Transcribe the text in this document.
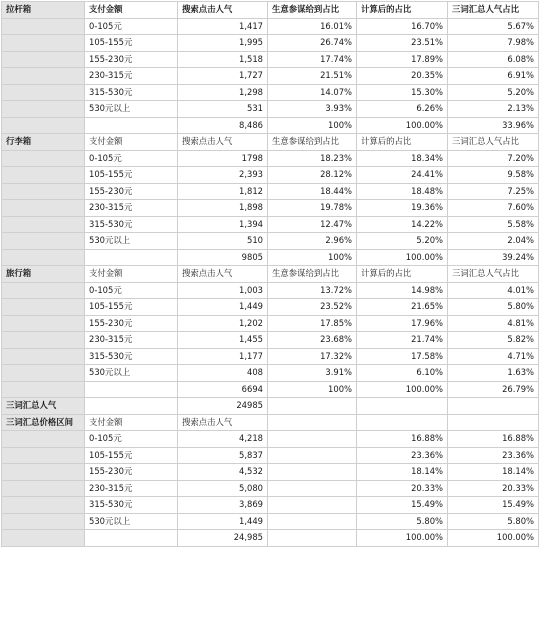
拉杆箱	支付金额	搜索点击人气	生意参谋给到占比	计算后的占比	三词汇总人气占比
	0-105元	1,417	16.01%	16.70%	5.67%
	105-155元	1,995	26.74%	23.51%	7.98%
	155-230元	1,518	17.74%	17.89%	6.08%
	230-315元	1,727	21.51%	20.35%	6.91%
	315-530元	1,298	14.07%	15.30%	5.20%
	530元以上	531	3.93%	6.26%	2.13%
		8,486	100%	100.00%	33.96%
行李箱	支付金额	搜索点击人气	生意参谋给到占比	计算后的占比	三词汇总人气占比
	0-105元	1798	18.23%	18.34%	7.20%
	105-155元	2,393	28.12%	24.41%	9.58%
	155-230元	1,812	18.44%	18.48%	7.25%
	230-315元	1,898	19.78%	19.36%	7.60%
	315-530元	1,394	12.47%	14.22%	5.58%
	530元以上	510	2.96%	5.20%	2.04%
		9805	100%	100.00%	39.24%
旅行箱	支付金额	搜索点击人气	生意参谋给到占比	计算后的占比	三词汇总人气占比
	0-105元	1,003	13.72%	14.98%	4.01%
	105-155元	1,449	23.52%	21.65%	5.80%
	155-230元	1,202	17.85%	17.96%	4.81%
	230-315元	1,455	23.68%	21.74%	5.82%
	315-530元	1,177	17.32%	17.58%	4.71%
	530元以上	408	3.91%	6.10%	1.63%
		6694	100%	100.00%	26.79%
三词汇总人气		24985			
三词汇总价格区间	支付金额	搜索点击人气			
	0-105元	4,218		16.88%	16.88%
	105-155元	5,837		23.36%	23.36%
	155-230元	4,532		18.14%	18.14%
	230-315元	5,080		20.33%	20.33%
	315-530元	3,869		15.49%	15.49%
	530元以上	1,449		5.80%	5.80%
		24,985		100.00%	100.00%
